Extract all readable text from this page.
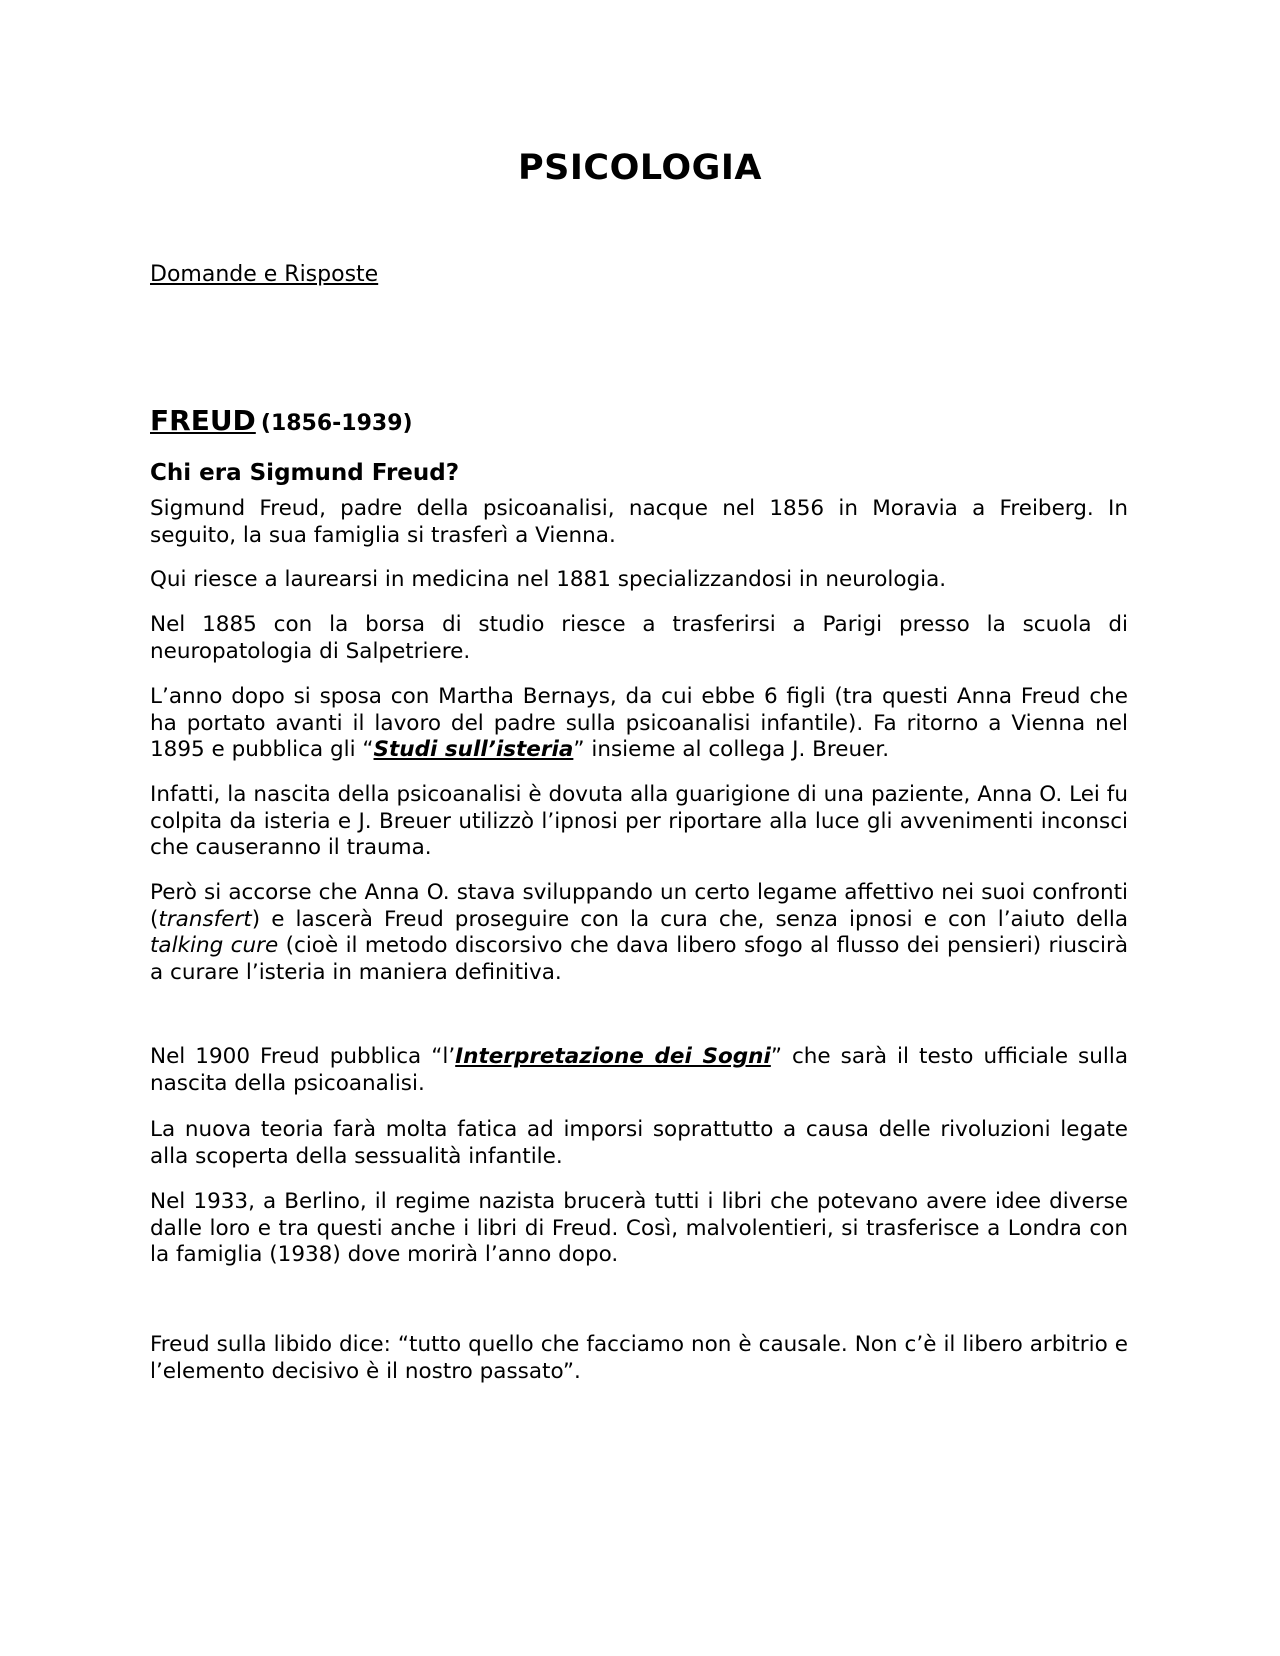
PSICOLOGIA

Domande e Risposte

FREUD (1856-1939)

Chi era Sigmund Freud?

Sigmund Freud, padre della psicoanalisi, nacque nel 1856 in Moravia a Freiberg. In seguito, la sua famiglia si trasferì a Vienna.

Qui riesce a laurearsi in medicina nel 1881 specializzandosi in neurologia.

Nel 1885 con la borsa di studio riesce a trasferirsi a Parigi presso la scuola di neuropatologia di Salpetriere.

L’anno dopo si sposa con Martha Bernays, da cui ebbe 6 figli (tra questi Anna Freud che ha portato avanti il lavoro del padre sulla psicoanalisi infantile). Fa ritorno a Vienna nel 1895 e pubblica gli “Studi sull’isteria” insieme al collega J. Breuer.

Infatti, la nascita della psicoanalisi è dovuta alla guarigione di una paziente, Anna O. Lei fu colpita da isteria e J. Breuer utilizzò l’ipnosi per riportare alla luce gli avvenimenti inconsci che causeranno il trauma.

Però si accorse che Anna O. stava sviluppando un certo legame affettivo nei suoi confronti (transfert) e lascerà Freud proseguire con la cura che, senza ipnosi e con l’aiuto della talking cure (cioè il metodo discorsivo che dava libero sfogo al flusso dei pensieri) riuscirà a curare l’isteria in maniera definitiva.

Nel 1900 Freud pubblica “l’Interpretazione dei Sogni” che sarà il testo ufficiale sulla nascita della psicoanalisi.

La nuova teoria farà molta fatica ad imporsi soprattutto a causa delle rivoluzioni legate alla scoperta della sessualità infantile.

Nel 1933, a Berlino, il regime nazista brucerà tutti i libri che potevano avere idee diverse dalle loro e tra questi anche i libri di Freud. Così, malvolentieri, si trasferisce a Londra con la famiglia (1938) dove morirà l’anno dopo.

Freud sulla libido dice: “tutto quello che facciamo non è causale. Non c’è il libero arbitrio e l’elemento decisivo è il nostro passato”.
